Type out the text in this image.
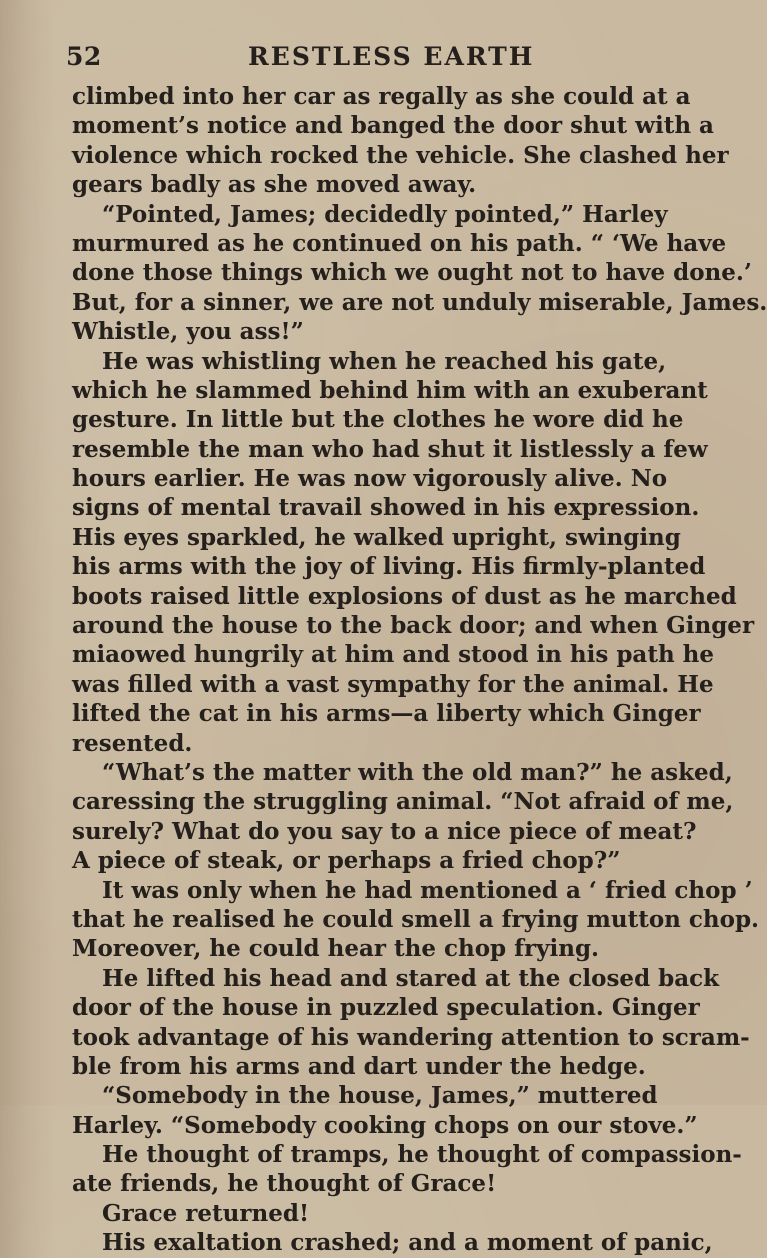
52	RESTLESS EARTH
climbed into her car as regally as she could at a
moment’s notice and banged the door shut with a
violence which rocked the vehicle. She clashed her
gears badly as she moved away.
“Pointed, James; decidedly pointed,” Harley
murmured as he continued on his path. “ ‘We have
done those things which we ought not to have done.’
But, for a sinner, we are not unduly miserable, James.
Whistle, you ass!”
He was whistling when he reached his gate,
which he slammed behind him with an exuberant
gesture. In little but the clothes he wore did he
resemble the man who had shut it listlessly a few
hours earlier. He was now vigorously alive. No
signs of mental travail showed in his expression.
His eyes sparkled, he walked upright, swinging
his arms with the joy of living. His firmly-planted
boots raised little explosions of dust as he marched
around the house to the back door; and when Ginger
miaowed hungrily at him and stood in his path he
was filled with a vast sympathy for the animal. He
lifted the cat in his arms—a liberty which Ginger
resented.
“What’s the matter with the old man?” he asked,
caressing the struggling animal. “Not afraid of me,
surely? What do you say to a nice piece of meat?
A piece of steak, or perhaps a fried chop?”
It was only when he had mentioned a ‘ fried chop ’
that he realised he could smell a frying mutton chop.
Moreover, he could hear the chop frying.
He lifted his head and stared at the closed back
door of the house in puzzled speculation. Ginger
took advantage of his wandering attention to scram-
ble from his arms and dart under the hedge.
“Somebody in the house, James,” muttered
Harley. “Somebody cooking chops on our stove.”
He thought of tramps, he thought of compassion-
ate friends, he thought of Grace!
Grace returned!
His exaltation crashed; and a moment of panic,
